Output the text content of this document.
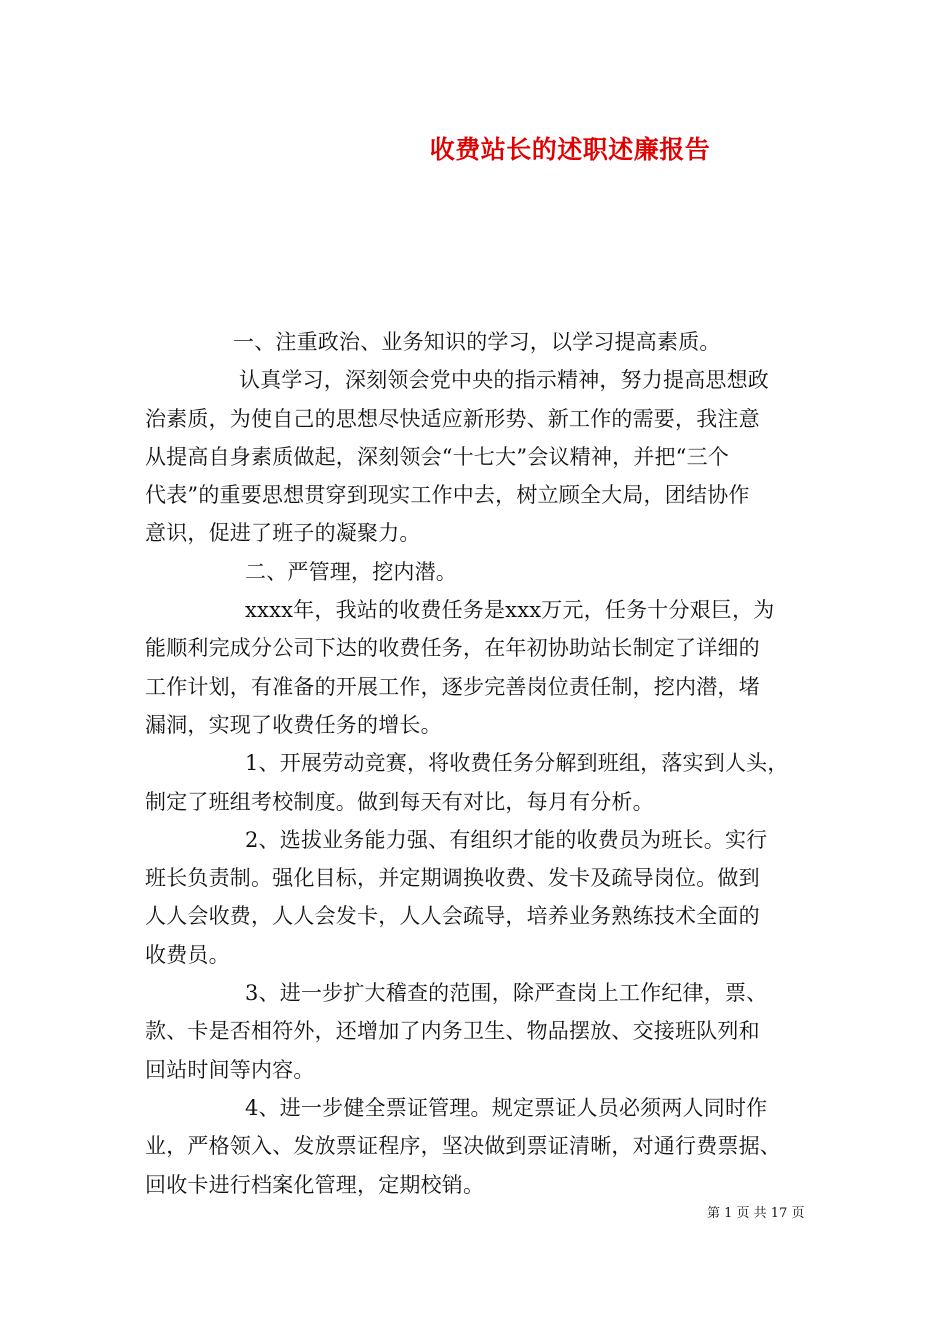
收费站长的述职述廉报告
一、注重政治、业务知识的学习，以学习提高素质。
认真学习，深刻领会党中央的指示精神，努力提高思想政
治素质，为使自己的思想尽快适应新形势、新工作的需要，我注意
从提高自身素质做起，深刻领会“十七大”会议精神，并把“三个
代表”的重要思想贯穿到现实工作中去，树立顾全大局，团结协作
意识，促进了班子的凝聚力。
二、严管理，挖内潜。
xxxx年，我站的收费任务是xxx万元，任务十分艰巨，为
能顺利完成分公司下达的收费任务，在年初协助站长制定了详细的
工作计划，有准备的开展工作，逐步完善岗位责任制，挖内潜，堵
漏洞，实现了收费任务的增长。
1、开展劳动竞赛，将收费任务分解到班组，落实到人头，
制定了班组考校制度。做到每天有对比，每月有分析。
2、选拔业务能力强、有组织才能的收费员为班长。实行
班长负责制。强化目标，并定期调换收费、发卡及疏导岗位。做到
人人会收费，人人会发卡，人人会疏导，培养业务熟练技术全面的
收费员。
3、进一步扩大稽查的范围，除严查岗上工作纪律，票、
款、卡是否相符外，还增加了内务卫生、物品摆放、交接班队列和
回站时间等内容。
4、进一步健全票证管理。规定票证人员必须两人同时作
业，严格领入、发放票证程序，坚决做到票证清晰，对通行费票据、
回收卡进行档案化管理，定期校销。
第 1 页 共 17 页
